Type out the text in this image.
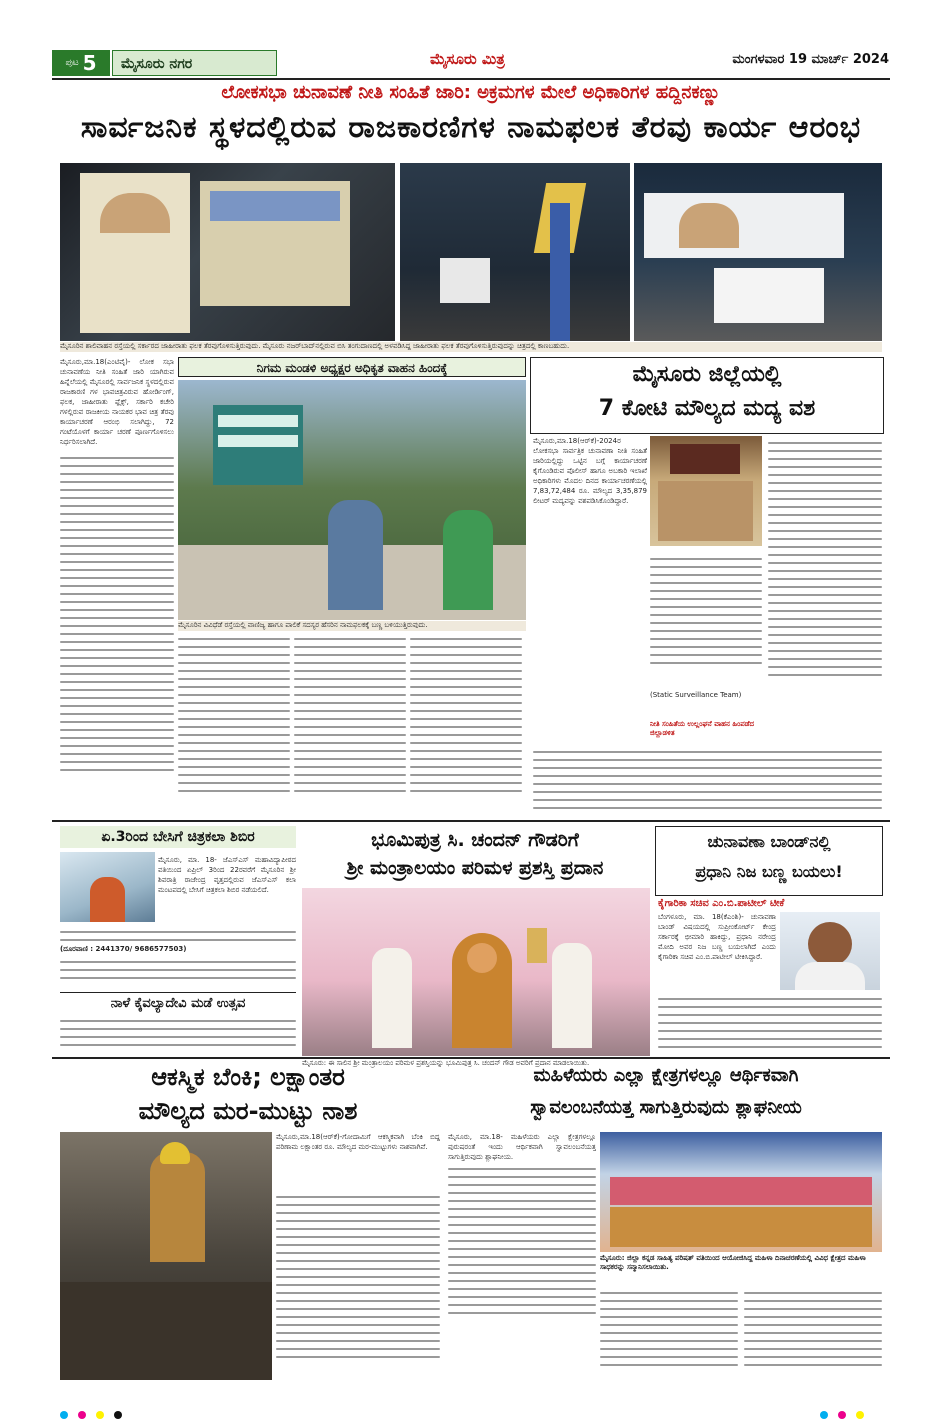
ಪುಟ 5	ಮೈಸೂರು ನಗರ	ಮೈಸೂರು ಮಿತ್ರ	ಮಂಗಳವಾರ 19 ಮಾರ್ಚ್ 2024
ಲೋಕಸಭಾ ಚುನಾವಣೆ ನೀತಿ ಸಂಹಿತೆ ಜಾರಿ: ಅಕ್ರಮಗಳ ಮೇಲೆ ಅಧಿಕಾರಿಗಳ ಹದ್ದಿನಕಣ್ಣು
ಸಾರ್ವಜನಿಕ ಸ್ಥಳದಲ್ಲಿರುವ ರಾಜಕಾರಣಿಗಳ ನಾಮಫಲಕ ತೆರವು ಕಾರ್ಯ ಆರಂಭ
ಮೈಸೂರಿನ ಶಾಲಿವಾಹನ ರಸ್ತೆಯಲ್ಲಿ ಸರ್ಕಾರದ ಜಾಹೀರಾತು ಫಲಕ ತೆರವುಗೊಳಿಸುತ್ತಿರುವುದು. ಮೈಸೂರು ನಜರ್‌ಬಾದ್‌ನಲ್ಲಿರುವ ಬಿಸಿ ತಂಗುದಾಣದಲ್ಲಿ ಅಳವಡಿಸಿದ್ದ ಜಾಹೀರಾತು ಫಲಕ ತೆರವುಗೊಳಿಸುತ್ತಿರುವುದನ್ನು ಚಿತ್ರದಲ್ಲಿ ಕಾಣಬಹುದು.
ಮೈಸೂರು,ಮಾ.18(ಎಂಟಿವೈ)- ಲೋಕ ಸಭಾ ಚುನಾವಣೆಯ ನೀತಿ ಸಂಹಿತೆ ಜಾರಿ ಯಾಗಿರುವ ಹಿನ್ನೆಲೆಯಲ್ಲಿ ಮೈಸೂರಲ್ಲಿ ಸಾರ್ವಜನಿಕ ಸ್ಥಳದಲ್ಲಿರುವ ರಾಜಕಾರಣಿ ಗಳ ಭಾವಚಿತ್ರವಿರುವ ಹೋರ್ಡಿಂಗ್, ಫಲಕ, ಜಾಹೀರಾತು ಫ್ಲೆಕ್ಸ್, ಸರ್ಕಾರಿ ಕಚೇರಿ ಗಳಲ್ಲಿರುವ ರಾಜಕೀಯ ನಾಯಕರ ಭಾವ ಚಿತ್ರ ತೆರವು ಕಾರ್ಯಾಚರಣೆ ಆರಂಭಿ ಸಲಾಗಿದ್ದು, 72 ಗಂಟೆಯೊಳಗೆ ಕಾರ್ಯಾ ಚರಣೆ ಪೂರ್ಣಗೊಳಿಸಲು ನಿರ್ಧರಿಸಲಾಗಿದೆ.
ನಿಗಮ ಮಂಡಳಿ ಅಧ್ಯಕ್ಷರ ಅಧಿಕೃತ ವಾಹನ ಹಿಂದಕ್ಕೆ
ಮೈಸೂರಿನ ವಿವಿಧೆಡೆ ರಸ್ತೆಯಲ್ಲಿ ವಾಣಿಜ್ಯ ಹಾಗೂ ಪಾಲಿಕೆ ಸದಸ್ಯರ ಹೆಸರಿನ ನಾಮಫಲಕಕ್ಕೆ ಬಣ್ಣ ಬಳಿಯುತ್ತಿರುವುದು.
ಮೈಸೂರು ಜಿಲ್ಲೆಯಲ್ಲಿ
7 ಕೋಟಿ ಮೌಲ್ಯದ ಮದ್ಯ ವಶ
ಮೈಸೂರು,ಮಾ.18(ಆರ್‌ಕೆ)-2024ರ ಲೋಕಸಭಾ ಸಾರ್ವತ್ರಿಕ ಚುನಾವಣಾ ನೀತಿ ಸಂಹಿತೆ ಜಾರಿಯಲ್ಲಿದ್ದು ಒಟ್ಟಿನ ಬಗ್ಗೆ ಕಾರ್ಯಾಚರಣೆ ಕೈಗೊಂಡಿರುವ ಪೊಲೀಸ್ ಹಾಗೂ ಅಬಕಾರಿ ಇಲಾಖೆ ಅಧಿಕಾರಿಗಳು ಮೊದಲ ದಿನದ ಕಾರ್ಯಾಚರಣೆಯಲ್ಲಿ 7,83,72,484 ರೂ. ಮೌಲ್ಯದ 3,35,879 ಲೀಟರ್ ಮದ್ಯವನ್ನು ವಶಪಡಿಸಿಕೊಂಡಿದ್ದಾರೆ.
(Static Surveillance Team)
ನೀತಿ ಸಂಹಿತೆಯ ಉಲ್ಲಂಘನೆ ವಾಹನ ಹಿಂಪಡೆದ ಜಿಲ್ಲಾಡಳಿತ
ಏ.3ರಿಂದ ಬೇಸಿಗೆ ಚಿತ್ರಕಲಾ ಶಿಬಿರ
ಮೈಸೂರು, ಮಾ. 18- ಜೆಎಸ್‌ಎಸ್ ಮಹಾವಿದ್ಯಾಪೀಠದ ವತಿಯಿಂದ ಏಪ್ರಿಲ್ 3ರಿಂದ 22ರವರೆಗೆ ಮೈಸೂರಿನ ಶ್ರೀ ಶಿವರಾತ್ರಿ ರಾಜೇಂದ್ರ ವೃತ್ತದಲ್ಲಿರುವ ಜೆಎಸ್‌ಎಸ್ ಕಲಾ ಮಂಟಪದಲ್ಲಿ ಬೇಸಿಗೆ ಚಿತ್ರಕಲಾ ಶಿಬಿರ ನಡೆಯಲಿದೆ.
(ದೂರವಾಣಿ : 2441370/ 9686577503)
ನಾಳೆ ಕೈವಲ್ಯಾದೇವಿ ಮಡೆ ಉತ್ಸವ
ಭೂಮಿಪುತ್ರ ಸಿ. ಚಂದನ್ ಗೌಡರಿಗೆ
ಶ್ರೀ ಮಂತ್ರಾಲಯಂ ಪರಿಮಳ ಪ್ರಶಸ್ತಿ ಪ್ರದಾನ
ಮೈಸೂರು: ಈ ಸಾಲಿನ ಶ್ರೀ ಮಂತ್ರಾಲಯಂ ಪರಿಮಳ ಪ್ರಶಸ್ತಿಯನ್ನು ಭೂಮಿಪುತ್ರ ಸಿ. ಚಂದನ್ ಗೌಡ ಅವರಿಗೆ ಪ್ರದಾನ ಮಾಡಲಾಯಿತು.
ಚುನಾವಣಾ ಬಾಂಡ್‌ನಲ್ಲಿ
ಪ್ರಧಾನಿ ನಿಜ ಬಣ್ಣ ಬಯಲು!
ಕೈಗಾರಿಕಾ ಸಚಿವ ಎಂ.ಬಿ.ಪಾಟೀಲ್ ಟೀಕೆ
ಬೆಂಗಳೂರು, ಮಾ. 18(ಕೆಎಂಶಿ)- ಚುನಾವಣಾ ಬಾಂಡ್ ವಿಷಯದಲ್ಲಿ ಸುಪ್ರೀಂಕೋರ್ಟ್ ಕೇಂದ್ರ ಸರ್ಕಾರಕ್ಕೆ ಛೀಮಾರಿ ಹಾಕಿದ್ದು, ಪ್ರಧಾನಿ ನರೇಂದ್ರ ಮೋದಿ ಅವರ ನಿಜ ಬಣ್ಣ ಬಯಲಾಗಿದೆ ಎಂದು ಕೈಗಾರಿಕಾ ಸಚಿವ ಎಂ.ಬಿ.ಪಾಟೀಲ್ ಟೀಕಿಸಿದ್ದಾರೆ.
ಆಕಸ್ಮಿಕ ಬೆಂಕಿ; ಲಕ್ಷಾಂತರ
ಮೌಲ್ಯದ ಮರ-ಮುಟ್ಟು ನಾಶ
ಮೈಸೂರು,ಮಾ.18(ಆರ್‌ಕೆ)-ಗೋದಾಮಿಗೆ ಆಕಸ್ಮಿಕವಾಗಿ ಬೆಂಕಿ ಬಿದ್ದ ಪರಿಣಾಮ ಲಕ್ಷಾಂತರ ರೂ. ಮೌಲ್ಯದ ಮರ-ಮುಟ್ಟುಗಳು ನಾಶವಾಗಿವೆ.
ಮಹಿಳೆಯರು ಎಲ್ಲಾ ಕ್ಷೇತ್ರಗಳಲ್ಲೂ ಆರ್ಥಿಕವಾಗಿ
ಸ್ವಾವಲಂಬನೆಯತ್ತ ಸಾಗುತ್ತಿರುವುದು ಶ್ಲಾಘನೀಯ
ಮೈಸೂರು, ಮಾ.18- ಮಹಿಳೆಯರು ಎಲ್ಲಾ ಕ್ಷೇತ್ರಗಳಲ್ಲೂ ಪುರುಷರಂತೆ ಇಂದು ಆರ್ಥಿಕವಾಗಿ ಸ್ವಾವಲಂಬನೆಯತ್ತ ಸಾಗುತ್ತಿರುವುದು ಶ್ಲಾಘನೀಯ.
ಮೈಸೂರು: ಜಿಲ್ಲಾ ಕನ್ನಡ ಸಾಹಿತ್ಯ ಪರಿಷತ್ ವತಿಯಿಂದ ಆಯೋಜಿಸಿದ್ದ ಮಹಿಳಾ ದಿನಾಚರಣೆಯಲ್ಲಿ ವಿವಿಧ ಕ್ಷೇತ್ರದ ಮಹಿಳಾ ಸಾಧಕರನ್ನು ಸನ್ಮಾನಿಸಲಾಯಿತು.
